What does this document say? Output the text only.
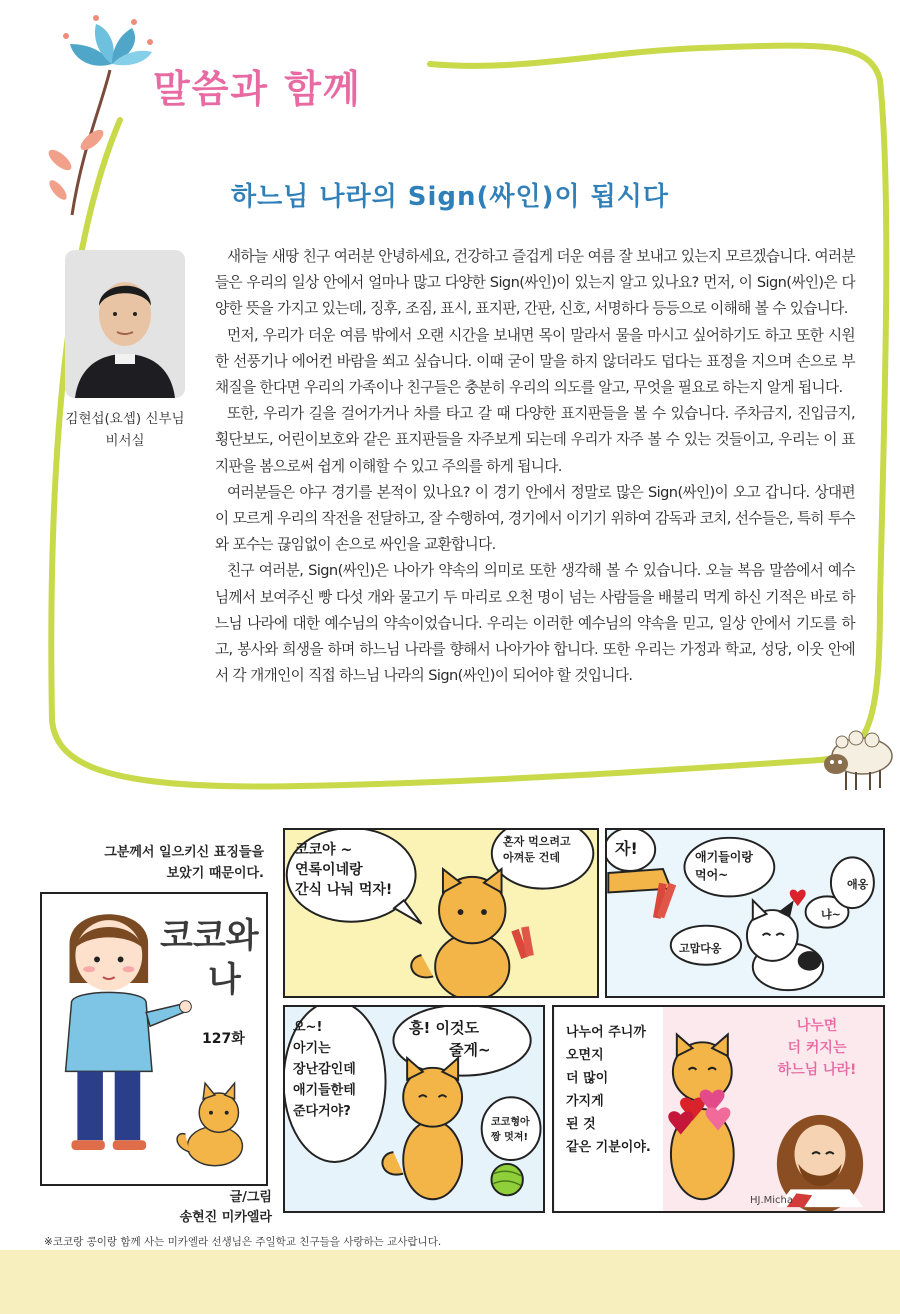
말씀과 함께
하느님 나라의 Sign(싸인)이 됩시다
김현섭(요셉) 신부님
비서실

새하늘 새땅 친구 여러분 안녕하세요, 건강하고 즐겁게 더운 여름 잘 보내고 있는지 모르겠습니다. 여러분들은 우리의 일상 안에서 얼마나 많고 다양한 Sign(싸인)이 있는지 알고 있나요? 먼저, 이 Sign(싸인)은 다양한 뜻을 가지고 있는데, 징후, 조짐, 표시, 표지판, 간판, 신호, 서명하다 등등으로 이해해 볼 수 있습니다.

먼저, 우리가 더운 여름 밖에서 오랜 시간을 보내면 목이 말라서 물을 마시고 싶어하기도 하고 또한 시원한 선풍기나 에어컨 바람을 쐬고 싶습니다. 이때 굳이 말을 하지 않더라도 덥다는 표정을 지으며 손으로 부채질을 한다면 우리의 가족이나 친구들은 충분히 우리의 의도를 알고, 무엇을 필요로 하는지 알게 됩니다.

또한, 우리가 길을 걸어가거나 차를 타고 갈 때 다양한 표지판들을 볼 수 있습니다. 주차금지, 진입금지, 횡단보도, 어린이보호와 같은 표지판들을 자주보게 되는데 우리가 자주 볼 수 있는 것들이고, 우리는 이 표지판을 봄으로써 쉽게 이해할 수 있고 주의를 하게 됩니다.

여러분들은 야구 경기를 본적이 있나요? 이 경기 안에서 정말로 많은 Sign(싸인)이 오고 갑니다. 상대편이 모르게 우리의 작전을 전달하고, 잘 수행하여, 경기에서 이기기 위하여 감독과 코치, 선수들은, 특히 투수와 포수는 끊임없이 손으로 싸인을 교환합니다.

친구 여러분, Sign(싸인)은 나아가 약속의 의미로 또한 생각해 볼 수 있습니다. 오늘 복음 말씀에서 예수님께서 보여주신 빵 다섯 개와 물고기 두 마리로 오천 명이 넘는 사람들을 배불리 먹게 하신 기적은 바로 하느님 나라에 대한 예수님의 약속이었습니다. 우리는 이러한 예수님의 약속을 믿고, 일상 안에서 기도를 하고, 봉사와 희생을 하며 하느님 나라를 향해서 나아가야 합니다. 또한 우리는 가정과 학교, 성당, 이웃 안에서 각 개개인이 직접 하느님 나라의 Sign(싸인)이 되어야 할 것입니다.

그분께서 일으키신 표징들을
보았기 때문이다.
코코와
나
127화
글/그림
송현진 미카엘라
코코야 ~
연록이네랑
간식 나눠 먹자!
혼자 먹으려고
아껴둔 건데	자!	애기들이랑
먹어~
고맙다옹
냐~
애옹
오~!
아기는
장난감인데
애기들한테
준다거야?
흥! 이것도
줄게~
코코형아
짱 멋져!
나누어 주니까
오면지
더 많이
가지게
된 것
같은 기분이야.
나누면
더 커지는
하느님 나라!
HJ.Micha
※코코랑 콩이랑 함께 사는 미카엘라 선생님은 주일학교 친구들을 사랑하는 교사랍니다.
